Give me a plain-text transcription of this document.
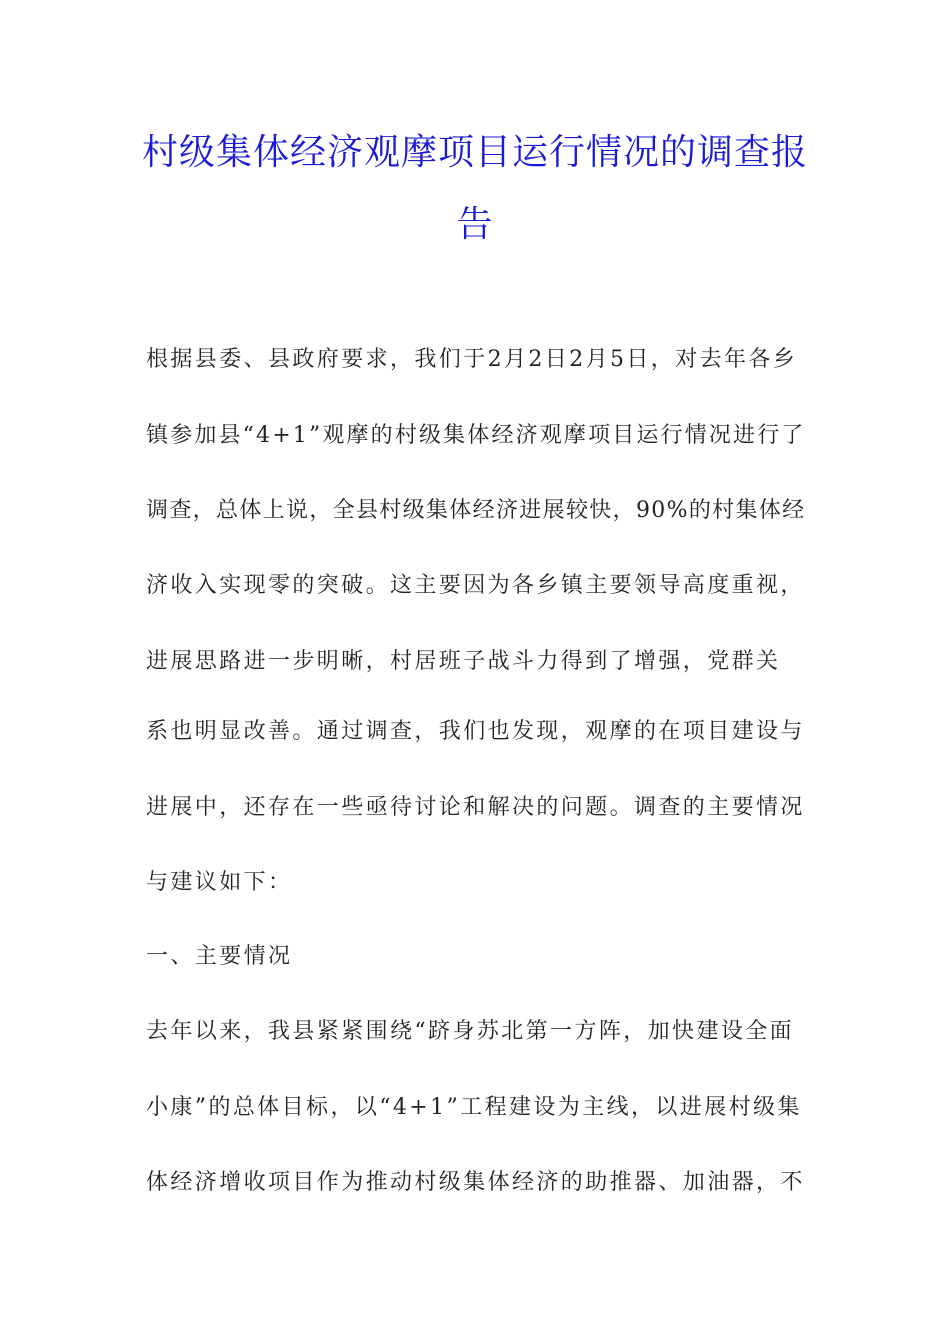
村级集体经济观摩项目运行情况的调查报
告
根据县委、县政府要求，我们于2月2日2月5日，对去年各乡
镇参加县“4+1”观摩的村级集体经济观摩项目运行情况进行了
调查，总体上说，全县村级集体经济进展较快，90%的村集体经
济收入实现零的突破。这主要因为各乡镇主要领导高度重视，
进展思路进一步明晰，村居班子战斗力得到了增强，党群关
系也明显改善。通过调查，我们也发现，观摩的在项目建设与
进展中，还存在一些亟待讨论和解决的问题。调查的主要情况
与建议如下：
一、主要情况
去年以来，我县紧紧围绕“跻身苏北第一方阵，加快建设全面
小康”的总体目标，以“4+1”工程建设为主线，以进展村级集
体经济增收项目作为推动村级集体经济的助推器、加油器，不
